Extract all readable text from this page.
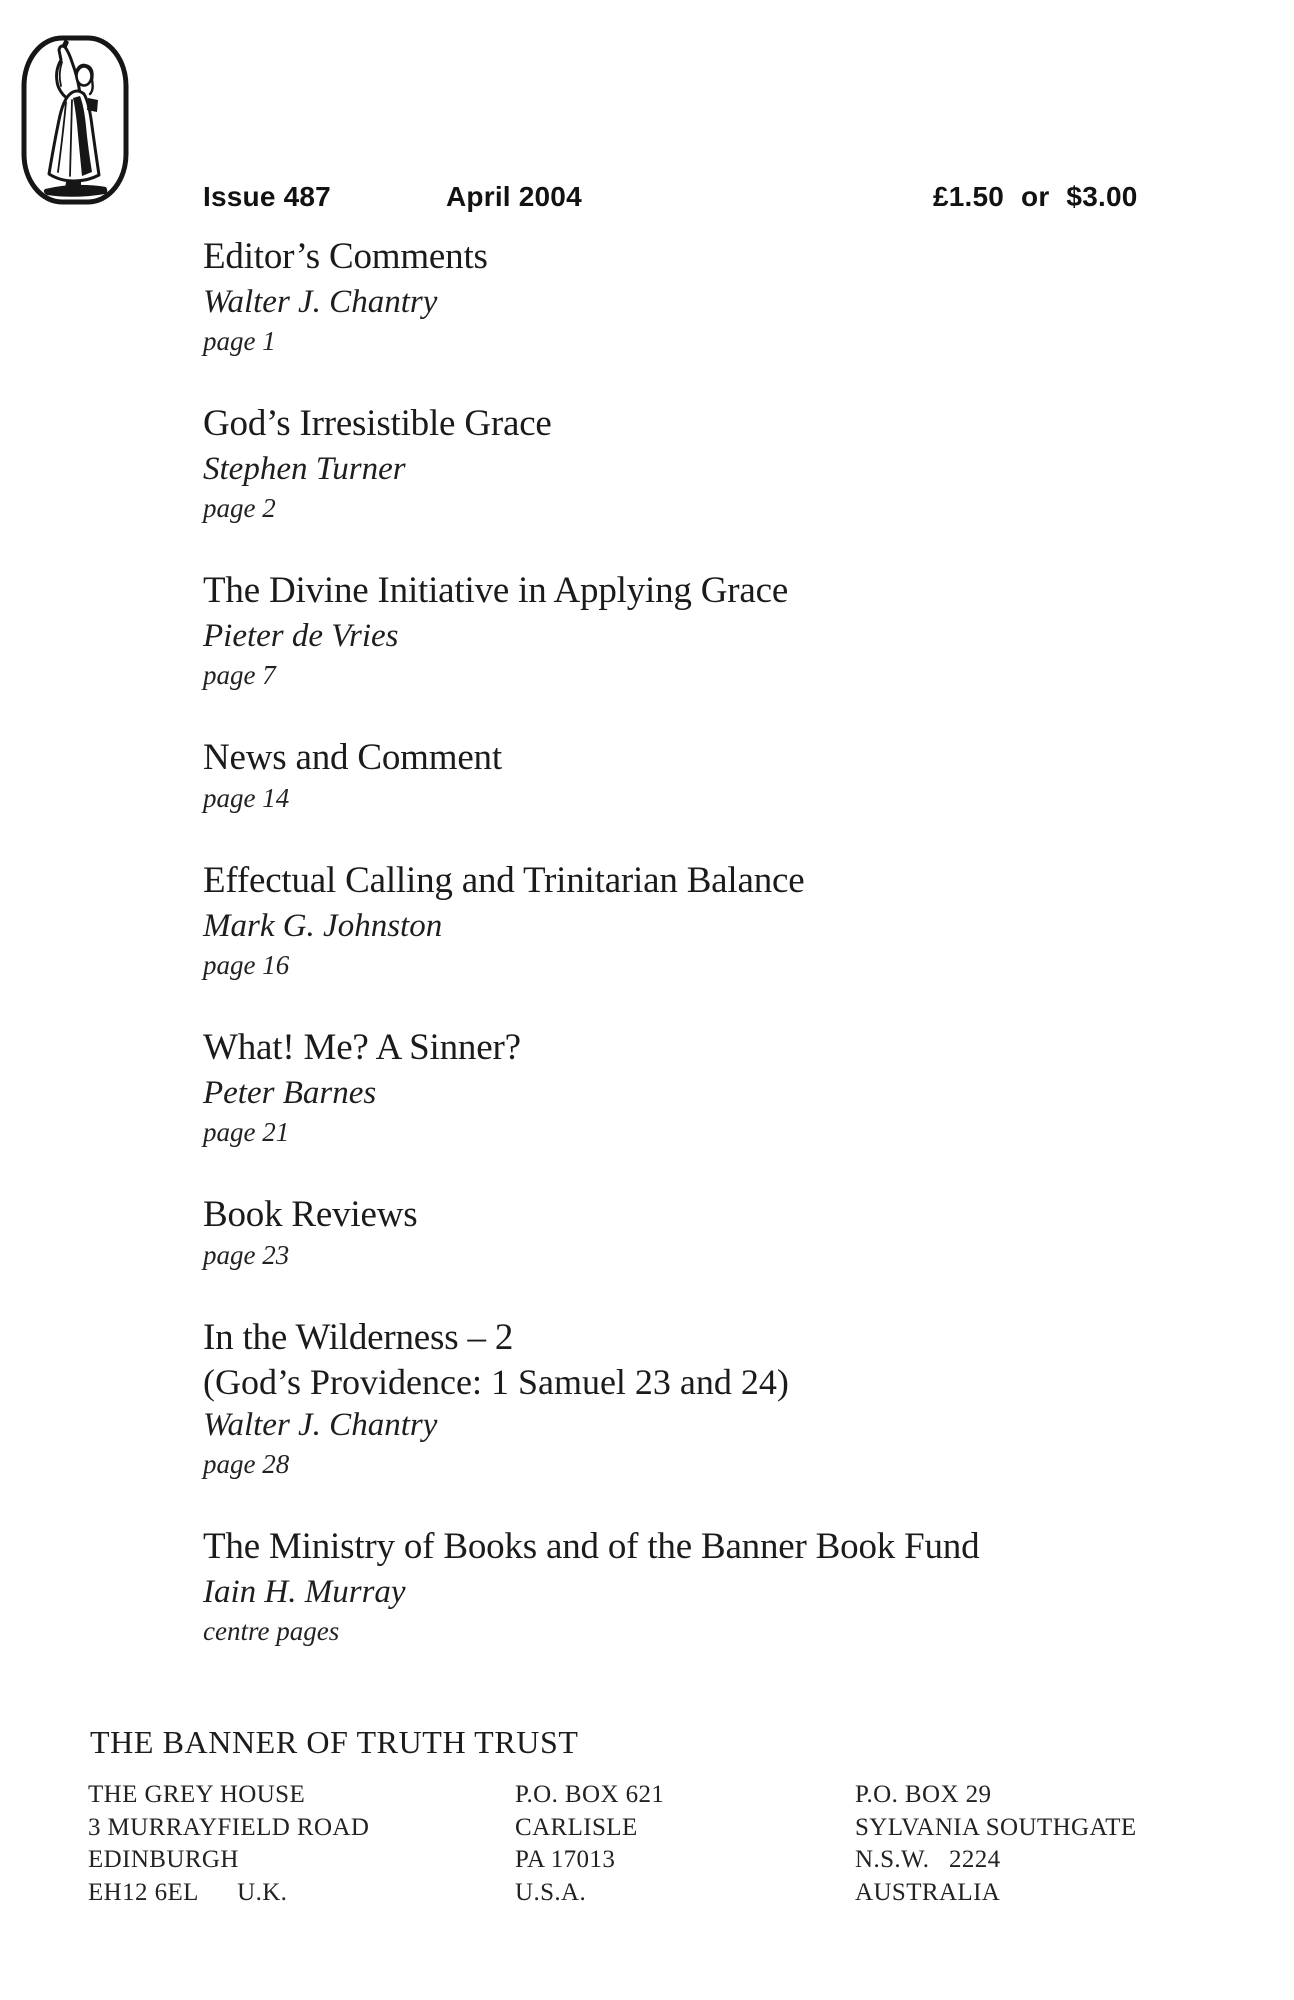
Issue 487	April 2004	£1.50 or $3.00
Editor’s Comments
Walter J. Chantry
page 1
God’s Irresistible Grace
Stephen Turner
page 2
The Divine Initiative in Applying Grace
Pieter de Vries
page 7
News and Comment
page 14
Effectual Calling and Trinitarian Balance
Mark G. Johnston
page 16
What! Me? A Sinner?
Peter Barnes
page 21
Book Reviews
page 23
In the Wilderness – 2
(God’s Providence: 1 Samuel 23 and 24)
Walter J. Chantry
page 28
The Ministry of Books and of the Banner Book Fund
Iain H. Murray
centre pages
THE BANNER OF TRUTH TRUST
THE GREY HOUSE
3 MURRAYFIELD ROAD
EDINBURGH
EH12 6EL  U.K.
P.O. BOX 621
CARLISLE
PA 17013
U.S.A.
P.O. BOX 29
SYLVANIA SOUTHGATE
N.S.W.  2224
AUSTRALIA
